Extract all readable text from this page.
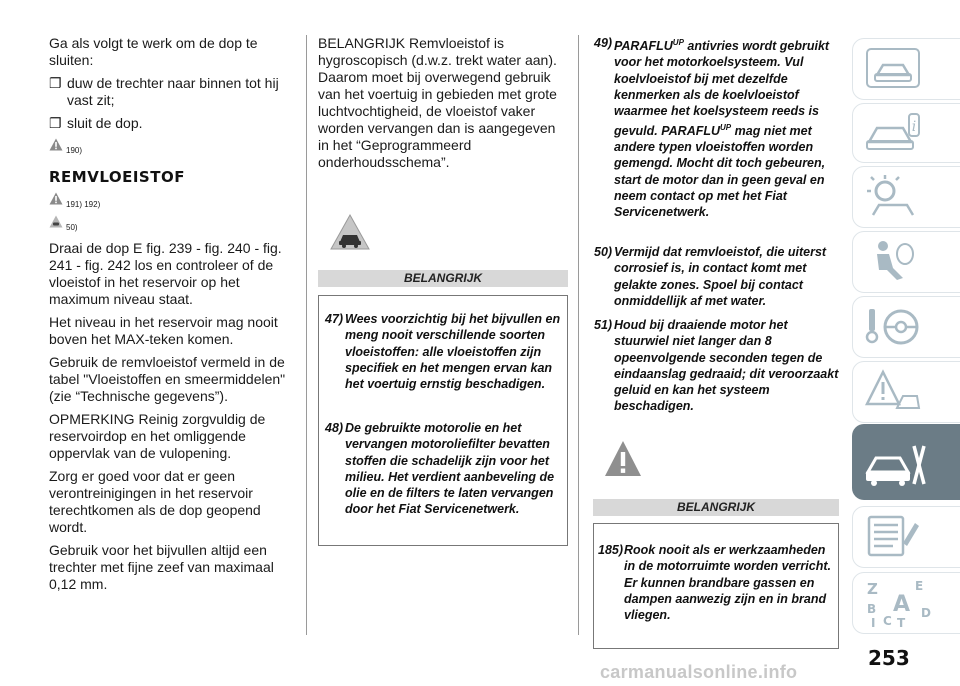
Ga als volgt te werk om de dop te sluiten:

❐ duw de trechter naar binnen tot hij vast zit;

❐ sluit de dop.

190)
REMVLOEISTOF
191) 192)
50)

Draai de dop E fig. 239 - fig. 240 - fig. 241 - fig. 242 los en controleer of de vloeistof in het reservoir op het maximum niveau staat.

Het niveau in het reservoir mag nooit boven het MAX-teken komen.

Gebruik de remvloeistof vermeld in de tabel "Vloeistoffen en smeermiddelen" (zie “Technische gegevens”).

OPMERKING Reinig zorgvuldig de reservoirdop en het omliggende oppervlak van de vulopening.

Zorg er goed voor dat er geen verontreinigingen in het reservoir terechtkomen als de dop geopend wordt.

Gebruik voor het bijvullen altijd een trechter met fijne zeef van maximaal 0,12 mm.

BELANGRIJK Remvloeistof is hygroscopisch (d.w.z. trekt water aan). Daarom moet bij overwegend gebruik van het voertuig in gebieden met grote luchtvochtigheid, de vloeistof vaker worden vervangen dan is aangegeven in het “Geprogrammeerd onderhoudsschema”.

BELANGRIJK
47) Wees voorzichtig bij het bijvullen en meng nooit verschillende soorten vloeistoffen: alle vloeistoffen zijn specifiek en het mengen ervan kan het voertuig ernstig beschadigen.
48) De gebruikte motorolie en het vervangen motoroliefilter bevatten stoffen die schadelijk zijn voor het milieu. Het verdient aanbeveling de olie en de filters te laten vervangen door het Fiat Servicenetwerk.
49) $PARAFLU^{UP}$ antivries wordt gebruikt voor het motorkoelsysteem. Vul koelvloeistof bij met dezelfde kenmerken als de koelvloeistof waarmee het koelsysteem reeds is gevuld. $PARAFLU^{UP}$ mag niet met andere typen vloeistoffen worden gemengd. Mocht dit toch gebeuren, start de motor dan in geen geval en neem contact op met het Fiat Servicenetwerk.
50) Vermijd dat remvloeistof, die uiterst corrosief is, in contact komt met gelakte zones. Spoel bij contact onmiddellijk af met water.
51) Houd bij draaiende motor het stuurwiel niet langer dan 8 opeenvolgende seconden tegen de eindaanslag gedraaid; dit veroorzaakt geluid en kan het systeem beschadigen.
BELANGRIJK
185) Rook nooit als er werkzaamheden in de motorruimte worden verricht. Er kunnen brandbare gassen en dampen aanwezig zijn en in brand vliegen.
i
Z	E
A
B	D
C
I T
253
carmanualsonline.info
